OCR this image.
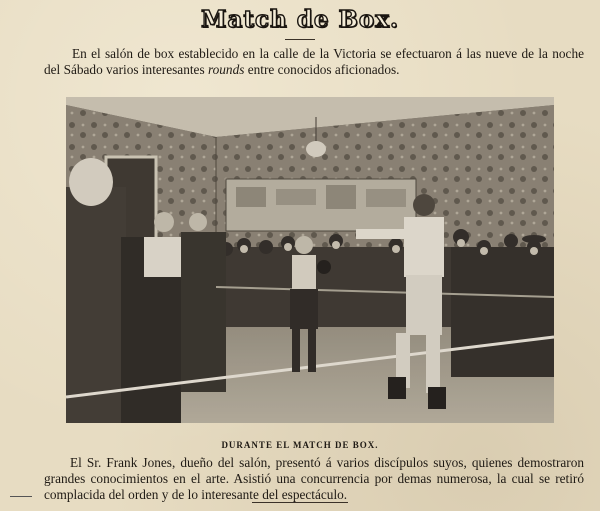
Match de Box.
En el salón de box establecido en la calle de la Victoria se efectuaron á las nueve de la noche del Sábado varios interesantes rounds entre conocidos aficionados.
DURANTE EL MATCH DE BOX.
El Sr. Frank Jones, dueño del salón, presentó á varios discípulos suyos, quienes demostraron grandes conocimientos en el arte. Asistió una concurrencia por demas numerosa, la cual se retiró complacida del orden y de lo interesante del espectáculo.
